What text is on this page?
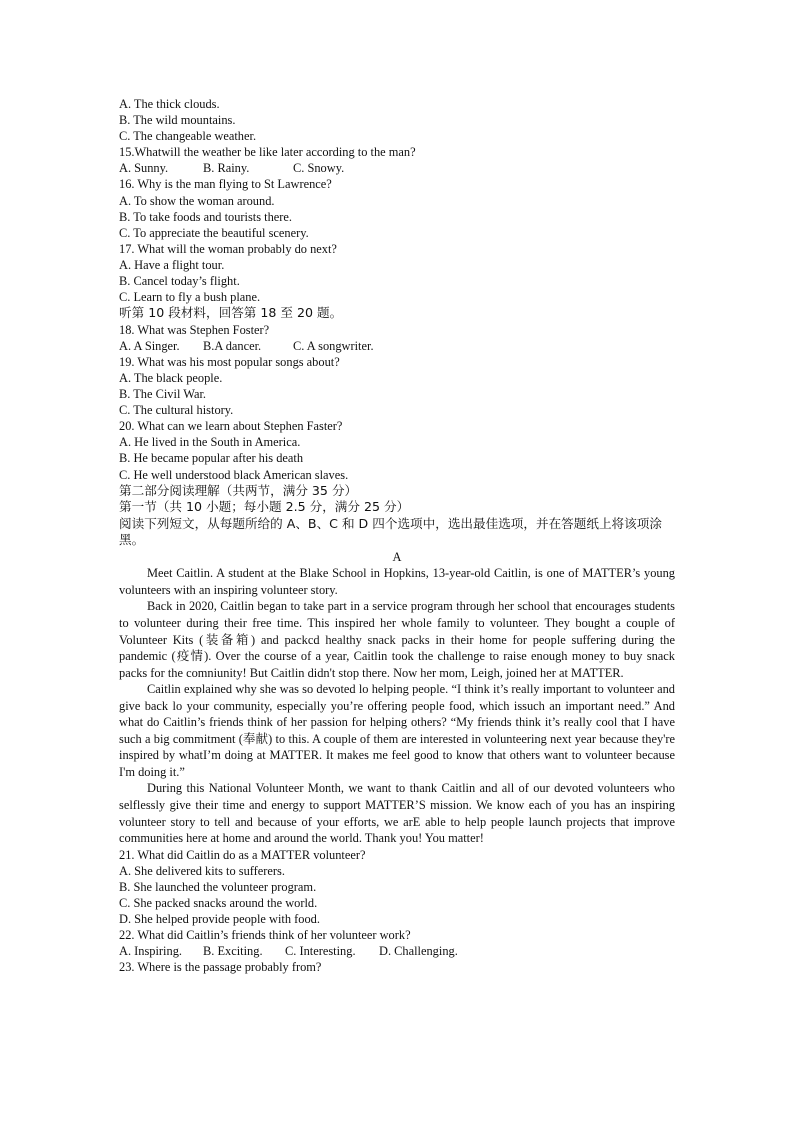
A. The thick clouds.
B. The wild mountains.
C. The changeable weather.
15.Whatwill the weather be like later according to the man?
A. Sunny.	B. Rainy.	C. Snowy.
16. Why is the man flying to St Lawrence?
A. To show the woman around.
B. To take foods and tourists there.
C. To appreciate the beautiful scenery.
17. What will the woman probably do next?
A. Have a flight tour.
B. Cancel today’s flight.
C. Learn to fly a bush plane.
听第 10 段材料，回答第 18 至 20 题。
18. What was Stephen Foster?
A. A Singer. B.A dancer.	C. A songwriter.
19. What was his most popular songs about?
A. The black people.
B. The Civil War.
C. The cultural history.
20. What can we learn about Stephen Faster?
A. He lived in the South in America.
B. He became popular after his death
C. He well understood black American slaves.
第二部分阅读理解（共两节，满分 35 分）
第一节（共 10 小题；每小题 2.5 分，满分 25 分）

阅读下列短文，从每题所给的 A、B、C 和 D 四个选项中，选出最佳选项，并在答题纸上将该项涂黑。

A

Meet Caitlin. A student at the Blake School in Hopkins, 13-year-old Caitlin, is one of MATTER’s young volunteers with an inspiring volunteer story.

Back in 2020, Caitlin began to take part in a service program through her school that encourages students to volunteer during their free time. This inspired her whole family to volunteer. They bought a couple of Volunteer Kits (装备箱) and packcd healthy snack packs in their home for people suffering during the pandemic (疫情). Over the course of a year, Caitlin took the challenge to raise enough money to buy snack packs for the comniunity! But Caitlin didn't stop there. Now her mom, Leigh, joined her at MATTER.

Caitlin explained why she was so devoted lo helping people. “I think it’s really important to volunteer and give back lo your community, especially you’re offering people food, which issuch an important need.” And what do Caitlin’s friends think of her passion for helping others? “My friends think it’s really cool that I have such a big commitment (奉献) to this. A couple of them are interested in volunteering next year because they're inspired by whatI’m doing at MATTER. It makes me feel good to know that others want to volunteer because I'm doing it.”

During this National Volunteer Month, we want to thank Caitlin and all of our devoted volunteers who selflessly give their time and energy to support MATTER’S mission. We know each of you has an inspiring volunteer story to tell and because of your efforts, we arE able to help people launch projects that improve communities here at home and around the world. Thank you! You matter!

21. What did Caitlin do as a MATTER volunteer?
A. She delivered kits to sufferers.
B. She launched the volunteer program.
C. She packed snacks around the world.
D. She helped provide people with food.
22. What did Caitlin’s friends think of her volunteer work?
A. Inspiring. B. Exciting. C. Interesting. D. Challenging.
23. Where is the passage probably from?
